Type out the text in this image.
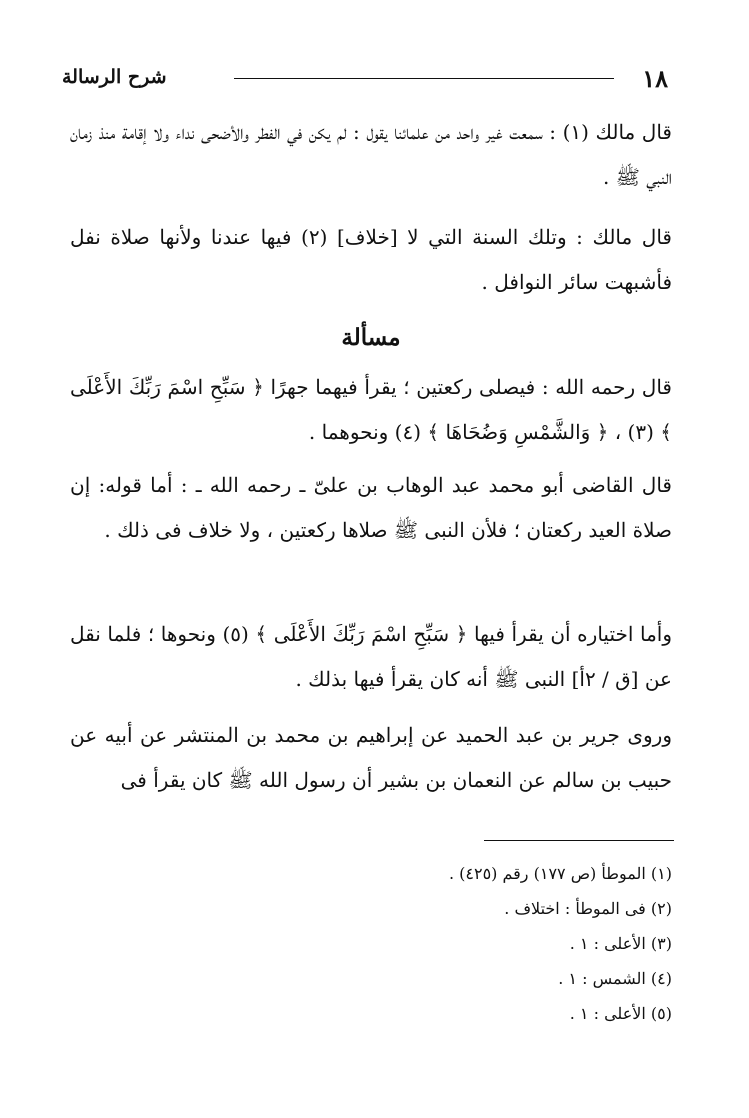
١٨
شرح الرسالة

قال مالك (١) : سمعت غير واحد من علمائنا يقول : لم يكن في الفطر والأضحى نداء ولا إقامة منذ زمان النبي ﷺ .

قال مالك : وتلك السنة التي لا [خلاف] (٢) فيها عندنا ولأنها صلاة نفل فأشبهت سائر النوافل .

مسألة

قال رحمه الله : فيصلى ركعتين ؛ يقرأ فيهما جهرًا ﴿ سَبِّحِ اسْمَ رَبِّكَ الأَعْلَى ﴾ (٣) ، ﴿ وَالشَّمْسِ وَضُحَاهَا ﴾ (٤) ونحوهما .

قال القاضى أبو محمد عبد الوهاب بن علىّ ـ رحمه الله ـ : أما قوله: إن صلاة العيد ركعتان ؛ فلأن النبى ﷺ صلاها ركعتين ، ولا خلاف فى ذلك .

وأما اختياره أن يقرأ فيها ﴿ سَبِّحِ اسْمَ رَبِّكَ الأَعْلَى ﴾ (٥) ونحوها ؛ فلما نقل عن [ق / ٢أ] النبى ﷺ أنه كان يقرأ فيها بذلك .

وروى جرير بن عبد الحميد عن إبراهيم بن محمد بن المنتشر عن أبيه عن حبيب بن سالم عن النعمان بن بشير أن رسول الله ﷺ كان يقرأ فى

(١) الموطأ (ص ١٧٧) رقم (٤٢٥) .
(٢) فى الموطأ : اختلاف .
(٣) الأعلى : ١ .
(٤) الشمس : ١ .
(٥) الأعلى : ١ .
